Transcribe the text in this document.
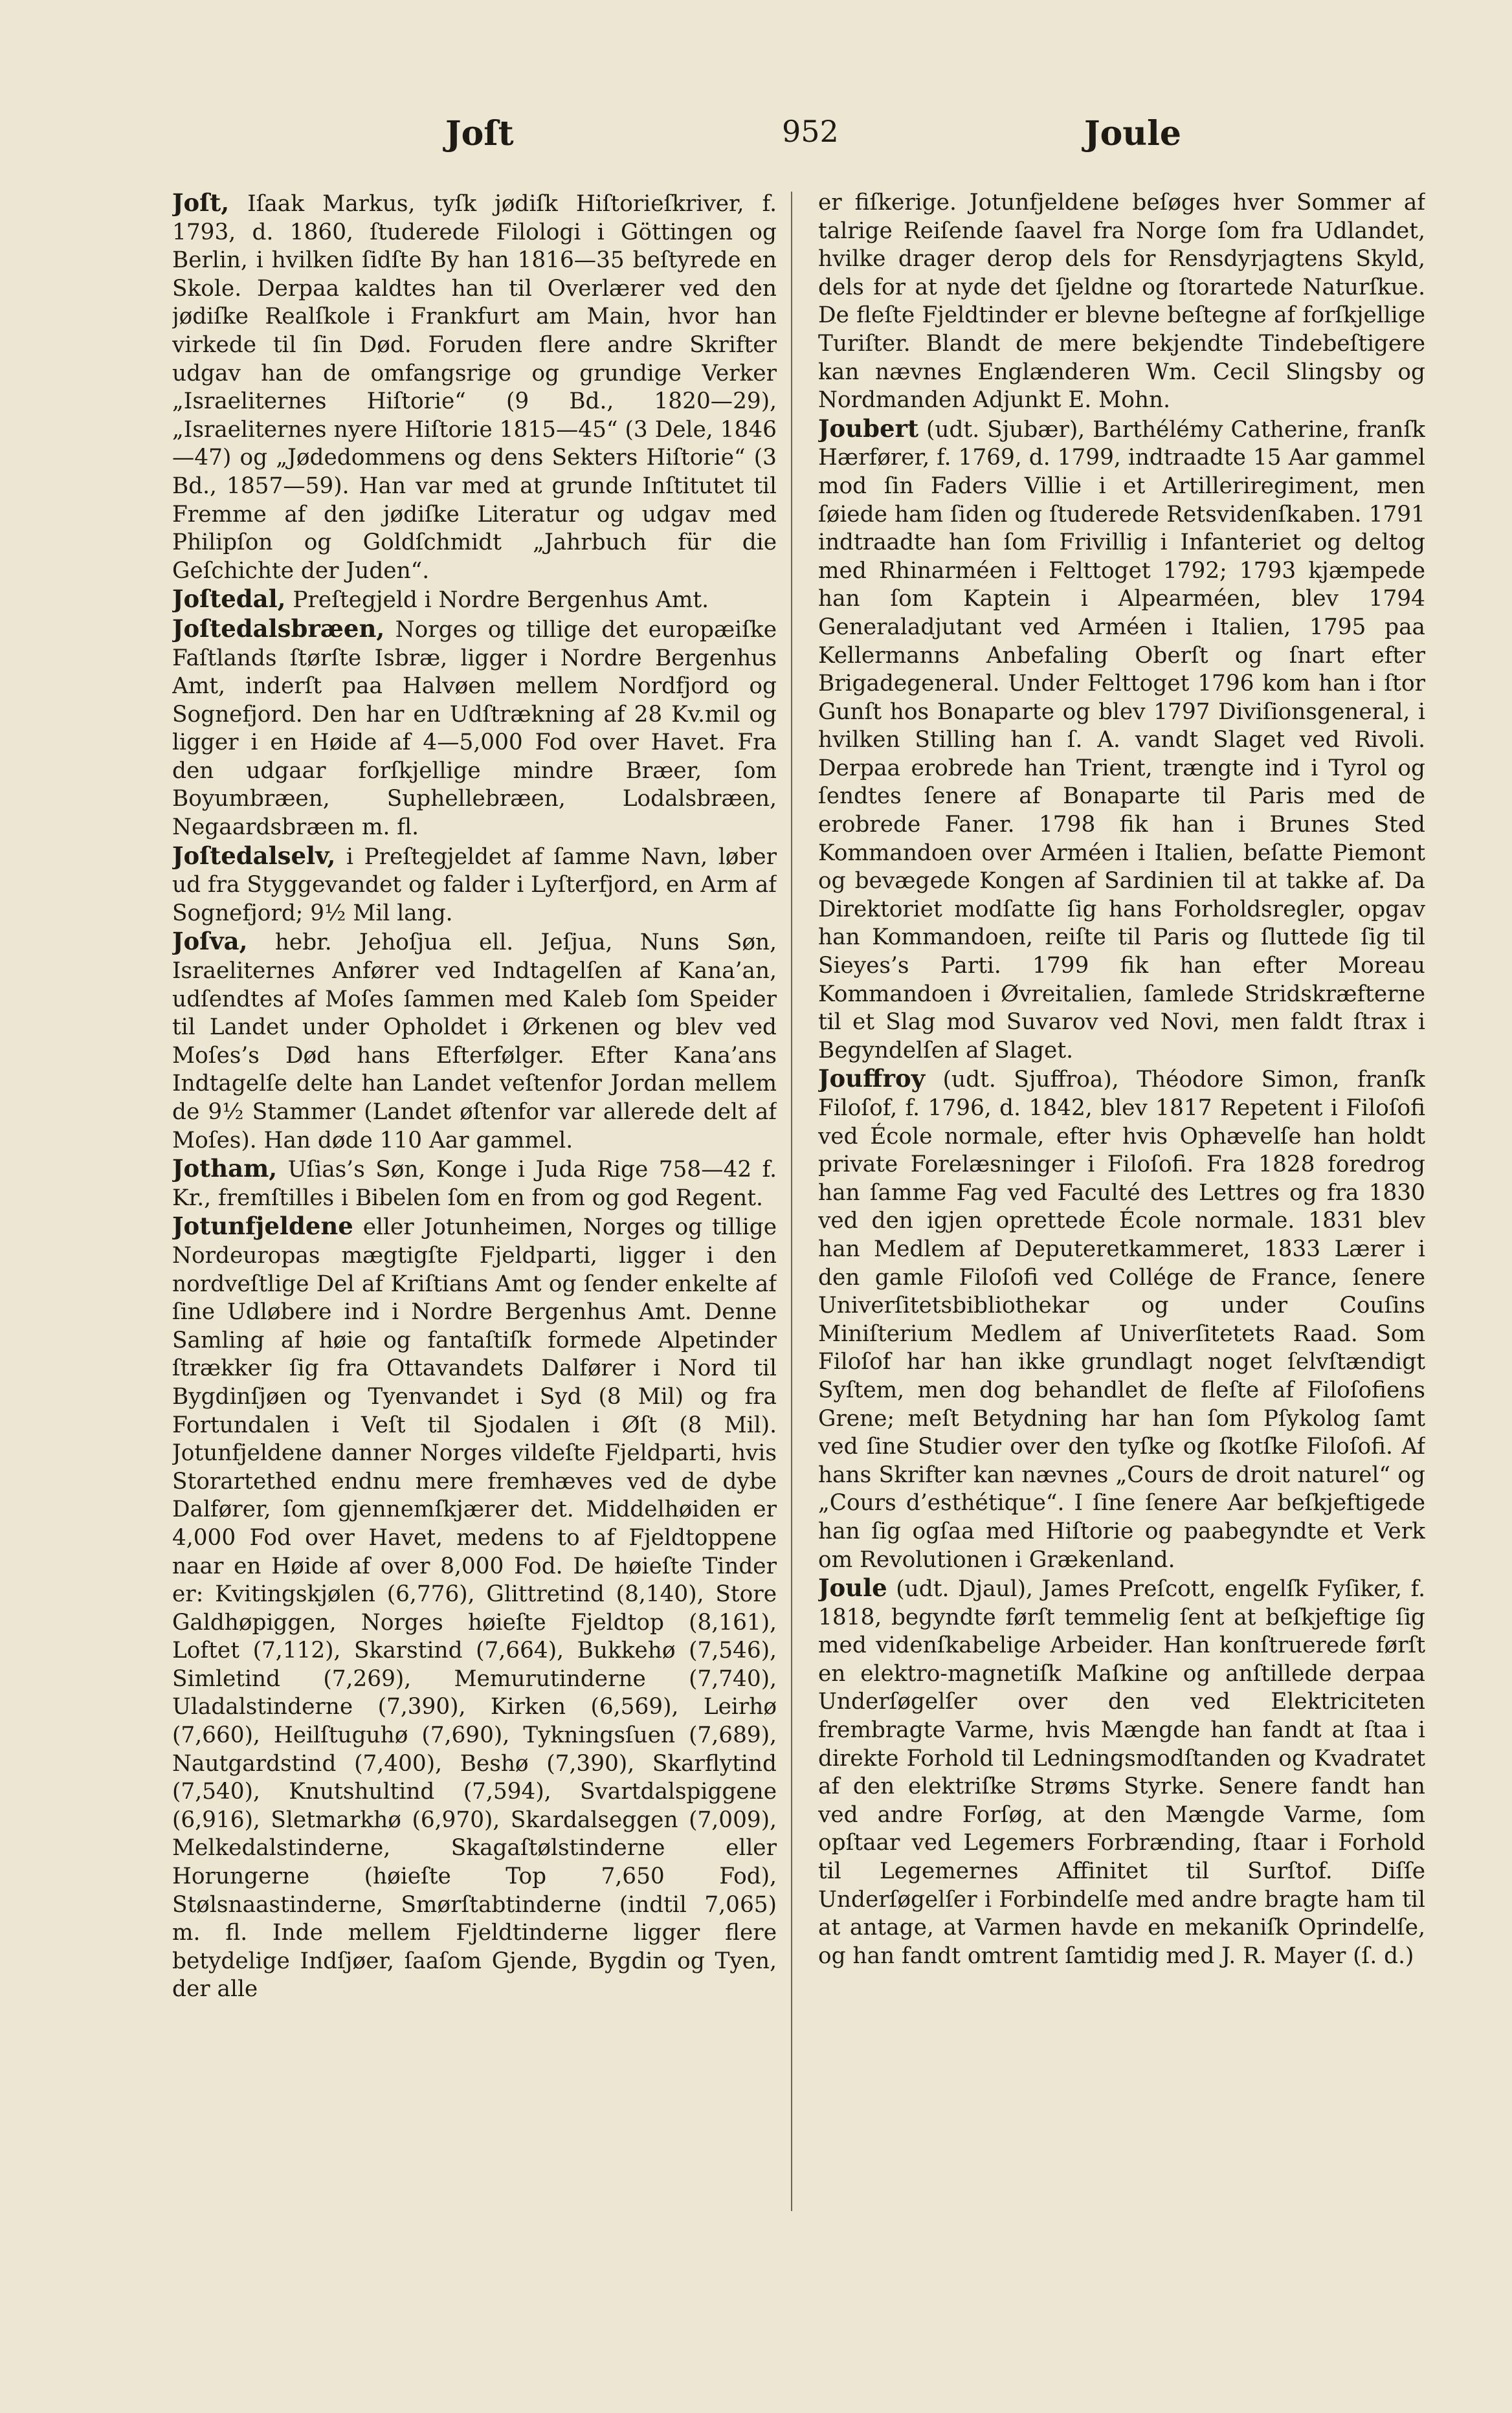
Joſt	952	Joule

Joſt, Iſaak Markus, tyſk jødiſk Hiſtorieſkriver, f. 1793, d. 1860, ſtuderede Filologi i Göttingen og Berlin, i hvilken ſidſte By han 1816—35 beſtyrede en Skole. Derpaa kaldtes han til Overlærer ved den jødiſke Realſkole i Frankfurt am Main, hvor han virkede til ſin Død. Foruden flere andre Skrifter udgav han de omfangsrige og grundige Verker „Israeliternes Hiſtorie“ (9 Bd., 1820—29), „Israeliternes nyere Hiſtorie 1815—45“ (3 Dele, 1846—47) og „Jødedommens og dens Sekters Hiſtorie“ (3 Bd., 1857—59). Han var med at grunde Inſtitutet til Fremme af den jødiſke Literatur og udgav med Philipſon og Goldſchmidt „Jahrbuch für die Geſchichte der Juden“.

Joſtedal, Preſtegjeld i Nordre Bergenhus Amt.

Joſtedalsbræen, Norges og tillige det europæiſke Faſtlands ſtørſte Isbræ, ligger i Nordre Bergenhus Amt, inderſt paa Halvøen mellem Nordfjord og Sognefjord. Den har en Udſtrækning af 28 Kv.mil og ligger i en Høide af 4—5,000 Fod over Havet. Fra den udgaar forſkjellige mindre Bræer, ſom Boyumbræen, Suphellebræen, Lodalsbræen, Negaardsbræen m. fl.

Joſtedalselv, i Preſtegjeldet af ſamme Navn, løber ud fra Styggevandet og falder i Lyſterfjord, en Arm af Sognefjord; 9½ Mil lang.

Joſva, hebr. Jehoſjua ell. Jeſjua, Nuns Søn, Israeliternes Anfører ved Indtagelſen af Kana’an, udſendtes af Moſes ſammen med Kaleb ſom Speider til Landet under Opholdet i Ørkenen og blev ved Moſes’s Død hans Efterfølger. Efter Kana’ans Indtagelſe delte han Landet veſtenfor Jordan mellem de 9½ Stammer (Landet øſtenfor var allerede delt af Moſes). Han døde 110 Aar gammel.

Jotham, Uſias’s Søn, Konge i Juda Rige 758—42 f. Kr., fremſtilles i Bibelen ſom en from og god Regent.

Jotunfjeldene eller Jotunheimen, Norges og tillige Nordeuropas mægtigſte Fjeldparti, ligger i den nordveſtlige Del af Kriſtians Amt og ſender enkelte af ſine Udløbere ind i Nordre Bergenhus Amt. Denne Samling af høie og fantaſtiſk formede Alpetinder ſtrækker ſig fra Ottavandets Dalfører i Nord til Bygdinſjøen og Tyenvandet i Syd (8 Mil) og fra Fortundalen i Veſt til Sjodalen i Øſt (8 Mil). Jotunfjeldene danner Norges vildeſte Fjeldparti, hvis Storartethed endnu mere fremhæves ved de dybe Dalfører, ſom gjennemſkjærer det. Middelhøiden er 4,000 Fod over Havet, medens to af Fjeldtoppene naar en Høide af over 8,000 Fod. De høieſte Tinder er: Kvitingskjølen (6,776), Glittretind (8,140), Store Galdhøpiggen, Norges høieſte Fjeldtop (8,161), Loftet (7,112), Skarstind (7,664), Bukkehø (7,546), Simletind (7,269), Memurutinderne (7,740), Uladalstinderne (7,390), Kirken (6,569), Leirhø (7,660), Heilſtuguhø (7,690), Tykningsſuen (7,689), Nautgardstind (7,400), Beshø (7,390), Skarflytind (7,540), Knutshultind (7,594), Svartdalspiggene (6,916), Sletmarkhø (6,970), Skardalseggen (7,009), Melkedalstinderne, Skagaſtølstinderne eller Horungerne (høieſte Top 7,650 Fod), Stølsnaastinderne, Smørſtabtinderne (indtil 7,065) m. fl. Inde mellem Fjeldtinderne ligger flere betydelige Indſjøer, ſaaſom Gjende, Bygdin og Tyen, der alle

er fiſkerige. Jotunfjeldene beſøges hver Sommer af talrige Reiſende ſaavel fra Norge ſom fra Udlandet, hvilke drager derop dels for Rensdyrjagtens Skyld, dels for at nyde det ſjeldne og ſtorartede Naturſkue. De fleſte Fjeldtinder er blevne beſtegne af forſkjellige Turiſter. Blandt de mere bekjendte Tindebeſtigere kan nævnes Englænderen Wm. Cecil Slingsby og Nordmanden Adjunkt E. Mohn.

Joubert (udt. Sjubær), Barthélémy Catherine, franſk Hærfører, f. 1769, d. 1799, indtraadte 15 Aar gammel mod ſin Faders Villie i et Artilleriregiment, men ſøiede ham ſiden og ſtuderede Retsvidenſkaben. 1791 indtraadte han ſom Frivillig i Infanteriet og deltog med Rhinarméen i Felttoget 1792; 1793 kjæmpede han ſom Kaptein i Alpearméen, blev 1794 Generaladjutant ved Arméen i Italien, 1795 paa Kellermanns Anbefaling Oberſt og ſnart efter Brigadegeneral. Under Felttoget 1796 kom han i ſtor Gunſt hos Bonaparte og blev 1797 Diviſionsgeneral, i hvilken Stilling han ſ. A. vandt Slaget ved Rivoli. Derpaa erobrede han Trient, trængte ind i Tyrol og ſendtes ſenere af Bonaparte til Paris med de erobrede Faner. 1798 fik han i Brunes Sted Kommandoen over Arméen i Italien, beſatte Piemont og bevægede Kongen af Sardinien til at takke af. Da Direktoriet modſatte ſig hans Forholdsregler, opgav han Kommandoen, reiſte til Paris og ſluttede ſig til Sieyes’s Parti. 1799 fik han efter Moreau Kommandoen i Øvreitalien, ſamlede Stridskræfterne til et Slag mod Suvarov ved Novi, men faldt ſtrax i Begyndelſen af Slaget.

Jouffroy (udt. Sjuffroa), Théodore Simon, franſk Filoſof, f. 1796, d. 1842, blev 1817 Repetent i Filoſofi ved École normale, efter hvis Ophævelſe han holdt private Forelæsninger i Filoſofi. Fra 1828 foredrog han ſamme Fag ved Faculté des Lettres og fra 1830 ved den igjen oprettede École normale. 1831 blev han Medlem af Deputeretkammeret, 1833 Lærer i den gamle Filoſofi ved Collége de France, ſenere Univerſitetsbibliothekar og under Couſins Miniſterium Medlem af Univerſitetets Raad. Som Filoſof har han ikke grundlagt noget ſelvſtændigt Syſtem, men dog behandlet de fleſte af Filoſofiens Grene; meſt Betydning har han ſom Pſykolog ſamt ved ſine Studier over den tyſke og ſkotſke Filoſofi. Af hans Skrifter kan nævnes „Cours de droit naturel“ og „Cours d’esthétique“. I ſine ſenere Aar beſkjeftigede han ſig ogſaa med Hiſtorie og paabegyndte et Verk om Revolutionen i Grækenland.

Joule (udt. Djaul), James Preſcott, engelſk Fyſiker, f. 1818, begyndte førſt temmelig ſent at beſkjeftige ſig med videnſkabelige Arbeider. Han konſtruerede førſt en elektro-magnetiſk Maſkine og anſtillede derpaa Underſøgelſer over den ved Elektriciteten frembragte Varme, hvis Mængde han fandt at ſtaa i direkte Forhold til Ledningsmodſtanden og Kvadratet af den elektriſke Strøms Styrke. Senere fandt han ved andre Forſøg, at den Mængde Varme, ſom opſtaar ved Legemers Forbrænding, ſtaar i Forhold til Legemernes Affinitet til Surſtof. Diſſe Underſøgelſer i Forbindelſe med andre bragte ham til at antage, at Varmen havde en mekaniſk Oprindelſe, og han fandt omtrent ſamtidig med J. R. Mayer (ſ. d.)
